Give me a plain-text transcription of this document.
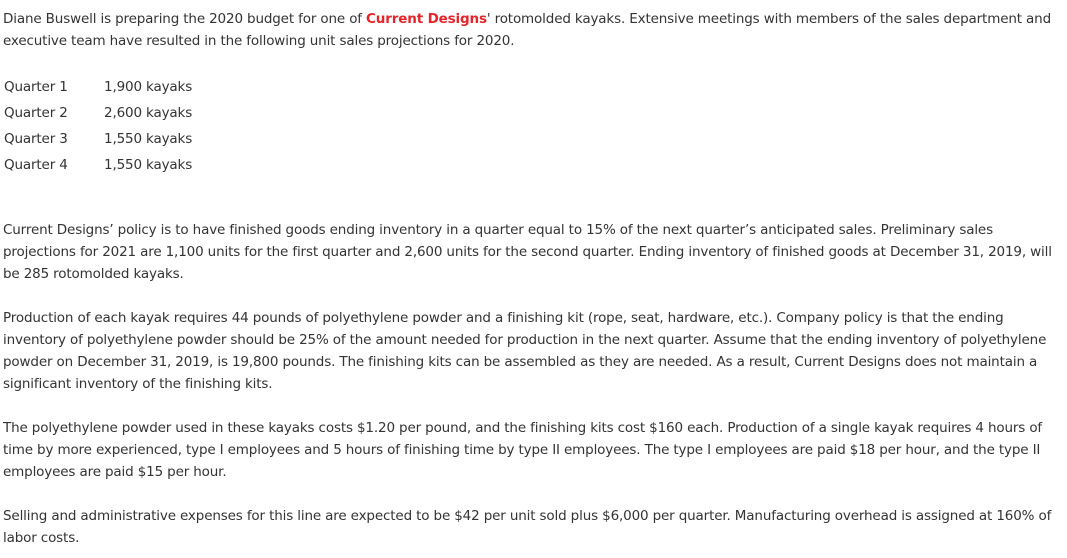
Diane Buswell is preparing the 2020 budget for one of Current Designs' rotomolded kayaks. Extensive meetings with members of the sales department and executive team have resulted in the following unit sales projections for 2020.

Quarter 1	1,900 kayaks
Quarter 2	2,600 kayaks
Quarter 3	1,550 kayaks
Quarter 4	1,550 kayaks

Current Designs’ policy is to have finished goods ending inventory in a quarter equal to 15% of the next quarter’s anticipated sales. Preliminary sales projections for 2021 are 1,100 units for the first quarter and 2,600 units for the second quarter. Ending inventory of finished goods at December 31, 2019, will be 285 rotomolded kayaks.

Production of each kayak requires 44 pounds of polyethylene powder and a finishing kit (rope, seat, hardware, etc.). Company policy is that the ending inventory of polyethylene powder should be 25% of the amount needed for production in the next quarter. Assume that the ending inventory of polyethylene powder on December 31, 2019, is 19,800 pounds. The finishing kits can be assembled as they are needed. As a result, Current Designs does not maintain a significant inventory of the finishing kits.

The polyethylene powder used in these kayaks costs $1.20 per pound, and the finishing kits cost $160 each. Production of a single kayak requires 4 hours of time by more experienced, type I employees and 5 hours of finishing time by type II employees. The type I employees are paid $18 per hour, and the type II employees are paid $15 per hour.

Selling and administrative expenses for this line are expected to be $42 per unit sold plus $6,000 per quarter. Manufacturing overhead is assigned at 160% of labor costs.
